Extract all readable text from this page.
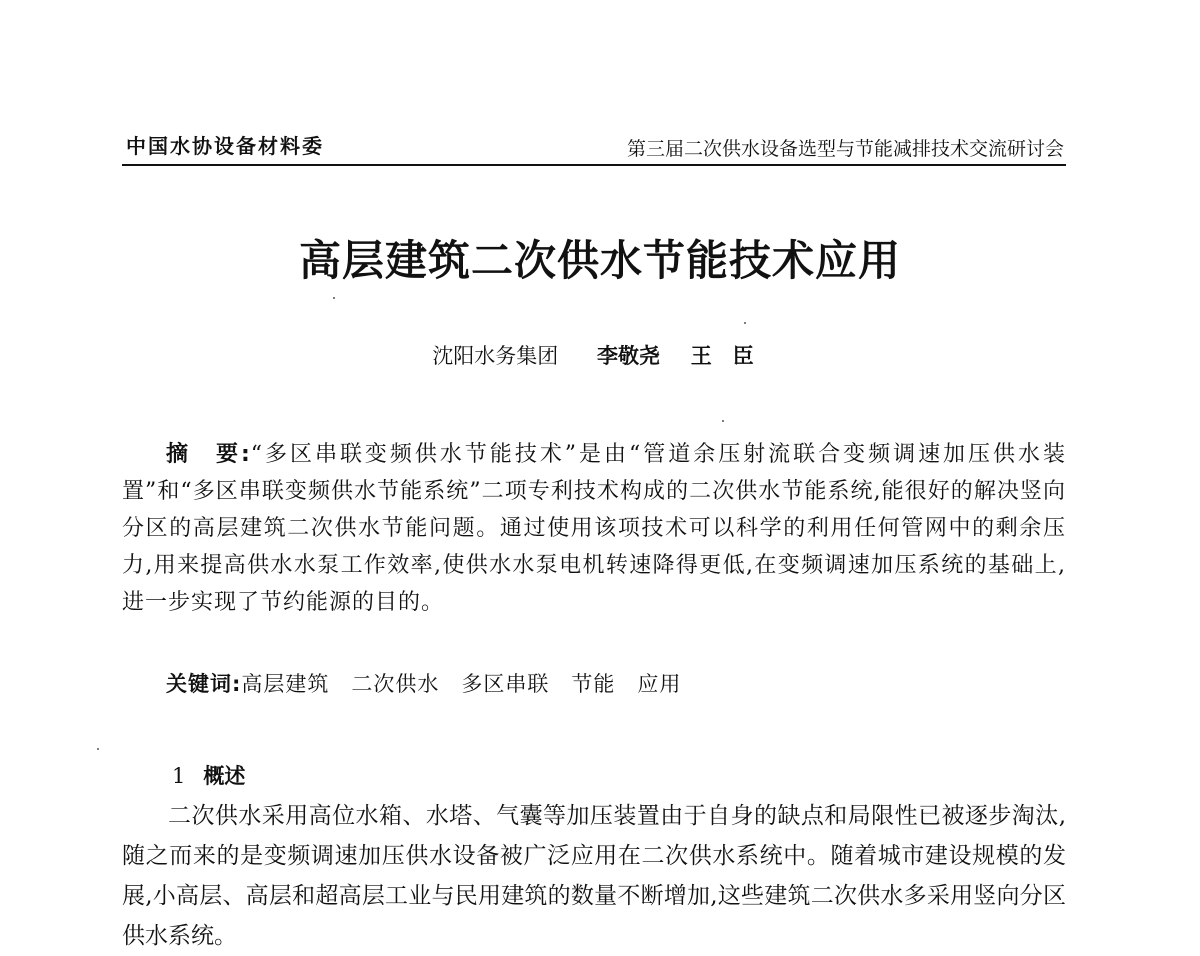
中国水协设备材料委	第三届二次供水设备选型与节能减排技术交流研讨会
高层建筑二次供水节能技术应用
沈阳水务集团 李敬尧 王　臣
摘　要:“多区串联变频供水节能技术”是由“管道余压射流联合变频调速加压供水装置”和“多区串联变频供水节能系统”二项专利技术构成的二次供水节能系统,能很好的解决竖向分区的高层建筑二次供水节能问题。通过使用该项技术可以科学的利用任何管网中的剩余压力,用来提高供水水泵工作效率,使供水水泵电机转速降得更低,在变频调速加压系统的基础上,进一步实现了节约能源的目的。
关键词:高层建筑 二次供水 多区串联 节能 应用
1 概述
二次供水采用高位水箱、水塔、气囊等加压装置由于自身的缺点和局限性已被逐步淘汰,随之而来的是变频调速加压供水设备被广泛应用在二次供水系统中。随着城市建设规模的发展,小高层、高层和超高层工业与民用建筑的数量不断增加,这些建筑二次供水多采用竖向分区供水系统。
